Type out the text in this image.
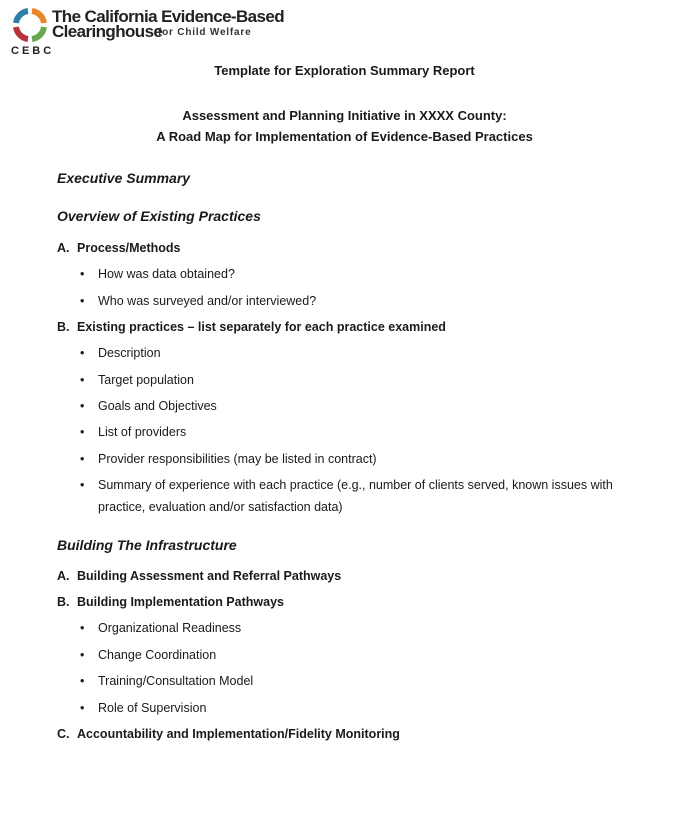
The California Evidence-Based
Clearinghouse
for Child Welfare
CEBC
Template for Exploration Summary Report
Assessment and Planning Initiative in XXXX County:
A Road Map for Implementation of Evidence-Based Practices
Executive Summary
Overview of Existing Practices
A. Process/Methods
• How was data obtained?
• Who was surveyed and/or interviewed?
B. Existing practices – list separately for each practice examined
• Description
• Target population
• Goals and Objectives
• List of providers
• Provider responsibilities (may be listed in contract)
•	Summary of experience with each practice (e.g., number of clients served, known issues with practice, evaluation and/or satisfaction data)
Building The Infrastructure
A. Building Assessment and Referral Pathways
B. Building Implementation Pathways
• Organizational Readiness
• Change Coordination
• Training/Consultation Model
• Role of Supervision
C. Accountability and Implementation/Fidelity Monitoring
